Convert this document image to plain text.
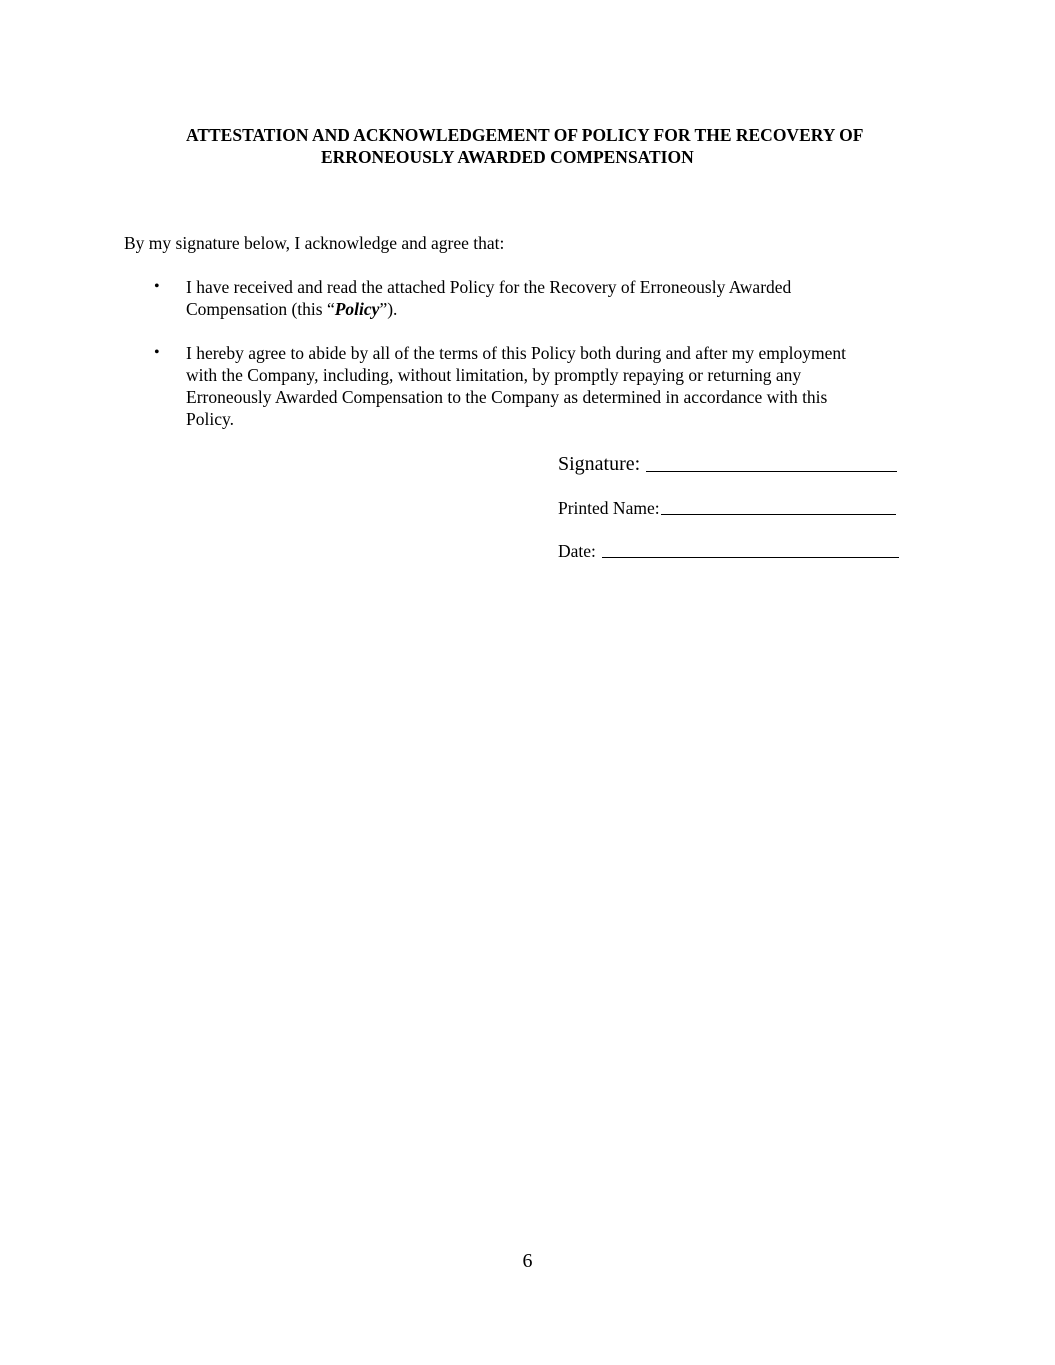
ATTESTATION AND ACKNOWLEDGEMENT OF POLICY FOR THE RECOVERY OF
ERRONEOUSLY AWARDED COMPENSATION

By my signature below, I acknowledge and agree that:

• I have received and read the attached Policy for the Recovery of Erroneously Awarded
Compensation (this “Policy”).
• I hereby agree to abide by all of the terms of this Policy both during and after my employment
with the Company, including, without limitation, by promptly repaying or returning any
Erroneously Awarded Compensation to the Company as determined in accordance with this
Policy.
Signature:
Printed Name:
Date:
6
